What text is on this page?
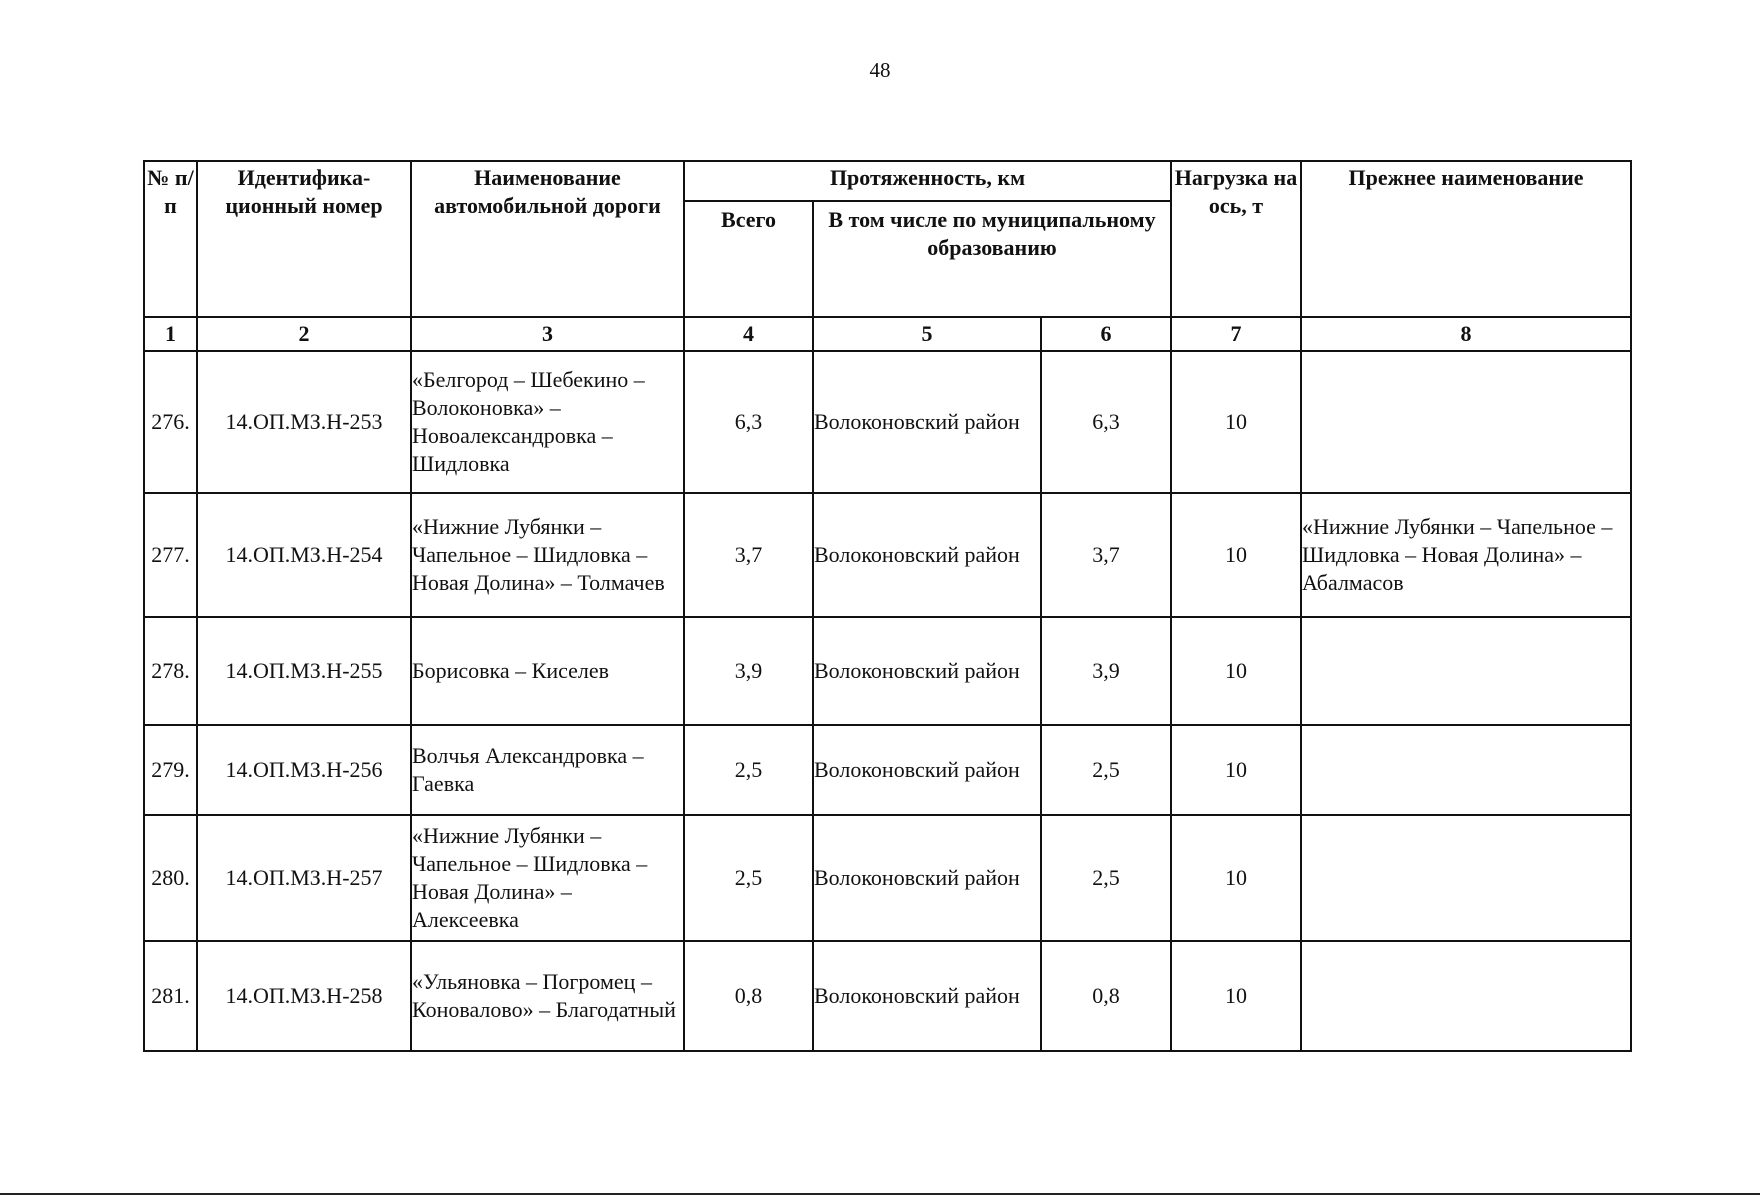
48
№ п/п	Идентифика-ционный номер	Наименование автомобильной дороги	Протяженность, км			Нагрузка на ось, т	Прежнее наименование
			Всего	В том числе по муниципальному образованию			
1	2	3	4	5	6	7	8
276.	14.ОП.МЗ.Н-253	«Белгород – Шебекино – Волоконовка» – Новоалександровка – Шидловка	6,3	Волоконовский район	6,3	10	
277.	14.ОП.МЗ.Н-254	«Нижние Лубянки – Чапельное – Шидловка – Новая Долина» – Толмачев	3,7	Волоконовский район	3,7	10	«Нижние Лубянки – Чапельное – Шидловка – Новая Долина» – Абалмасов
278.	14.ОП.МЗ.Н-255	Борисовка – Киселев	3,9	Волоконовский район	3,9	10	
279.	14.ОП.МЗ.Н-256	Волчья Александровка – Гаевка	2,5	Волоконовский район	2,5	10	
280.	14.ОП.МЗ.Н-257	«Нижние Лубянки – Чапельное – Шидловка – Новая Долина» – Алексеевка	2,5	Волоконовский район	2,5	10	
281.	14.ОП.МЗ.Н-258	«Ульяновка – Погромец – Коновалово» – Благодатный	0,8	Волоконовский район	0,8	10	
